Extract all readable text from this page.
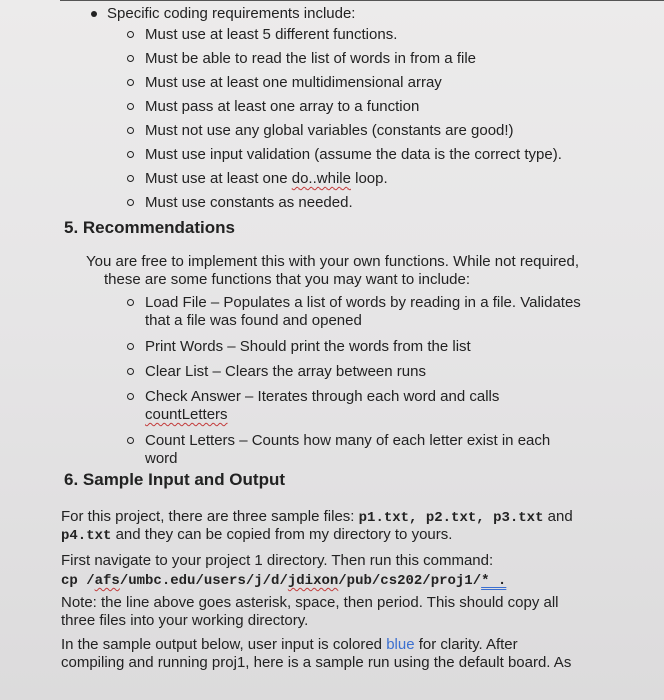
Specific coding requirements include:
Must use at least 5 different functions.
Must be able to read the list of words in from a file
Must use at least one multidimensional array
Must pass at least one array to a function
Must not use any global variables (constants are good!)
Must use input validation (assume the data is the correct type).
Must use at least one do..while loop.
Must use constants as needed.
5. Recommendations
You are free to implement this with your own functions. While not required,
these are some functions that you may want to include:
Load File – Populates a list of words by reading in a file. Validates
that a file was found and opened
Print Words – Should print the words from the list
Clear List – Clears the array between runs
Check Answer – Iterates through each word and calls
countLetters
Count Letters – Counts how many of each letter exist in each
word
6. Sample Input and Output
For this project, there are three sample files: p1.txt, p2.txt, p3.txt and
p4.txt and they can be copied from my directory to yours.
First navigate to your project 1 directory. Then run this command:
cp /afs/umbc.edu/users/j/d/jdixon/pub/cs202/proj1/* .
Note: the line above goes asterisk, space, then period. This should copy all
three files into your working directory.
In the sample output below, user input is colored blue for clarity. After
compiling and running proj1, here is a sample run using the default board. As
